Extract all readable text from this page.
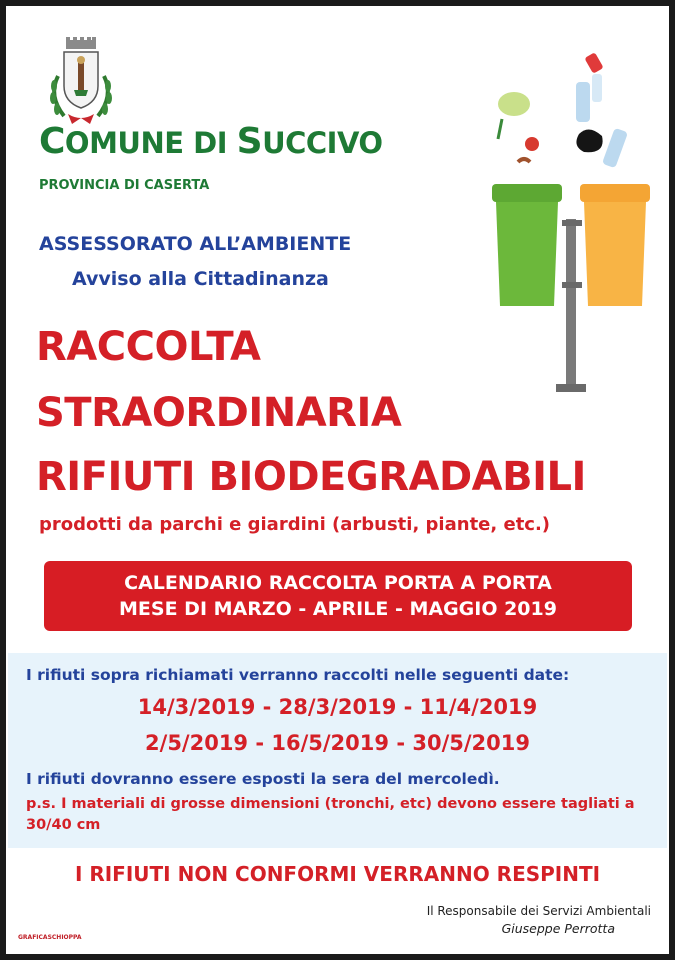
COMUNE DI SUCCIVO
PROVINCIA DI CASERTA
ASSESSORATO ALL’AMBIENTE
Avviso alla Cittadinanza
RACCOLTA
STRAORDINARIA
RIFIUTI BIODEGRADABILI
prodotti da parchi e giardini (arbusti, piante, etc.)
CALENDARIO RACCOLTA PORTA A PORTA
MESE DI MARZO - APRILE - MAGGIO 2019
I rifiuti sopra richiamati verranno raccolti nelle seguenti date:
14/3/2019 - 28/3/2019 - 11/4/2019
2/5/2019 - 16/5/2019 - 30/5/2019
I rifiuti dovranno essere esposti la sera del mercoledì.
p.s. I materiali di grosse dimensioni (tronchi, etc) devono essere tagliati a 30/40 cm
I RIFIUTI NON CONFORMI VERRANNO RESPINTI
Il Responsabile dei Servizi Ambientali
Giuseppe Perrotta
GRAFICASCHIOPPA
